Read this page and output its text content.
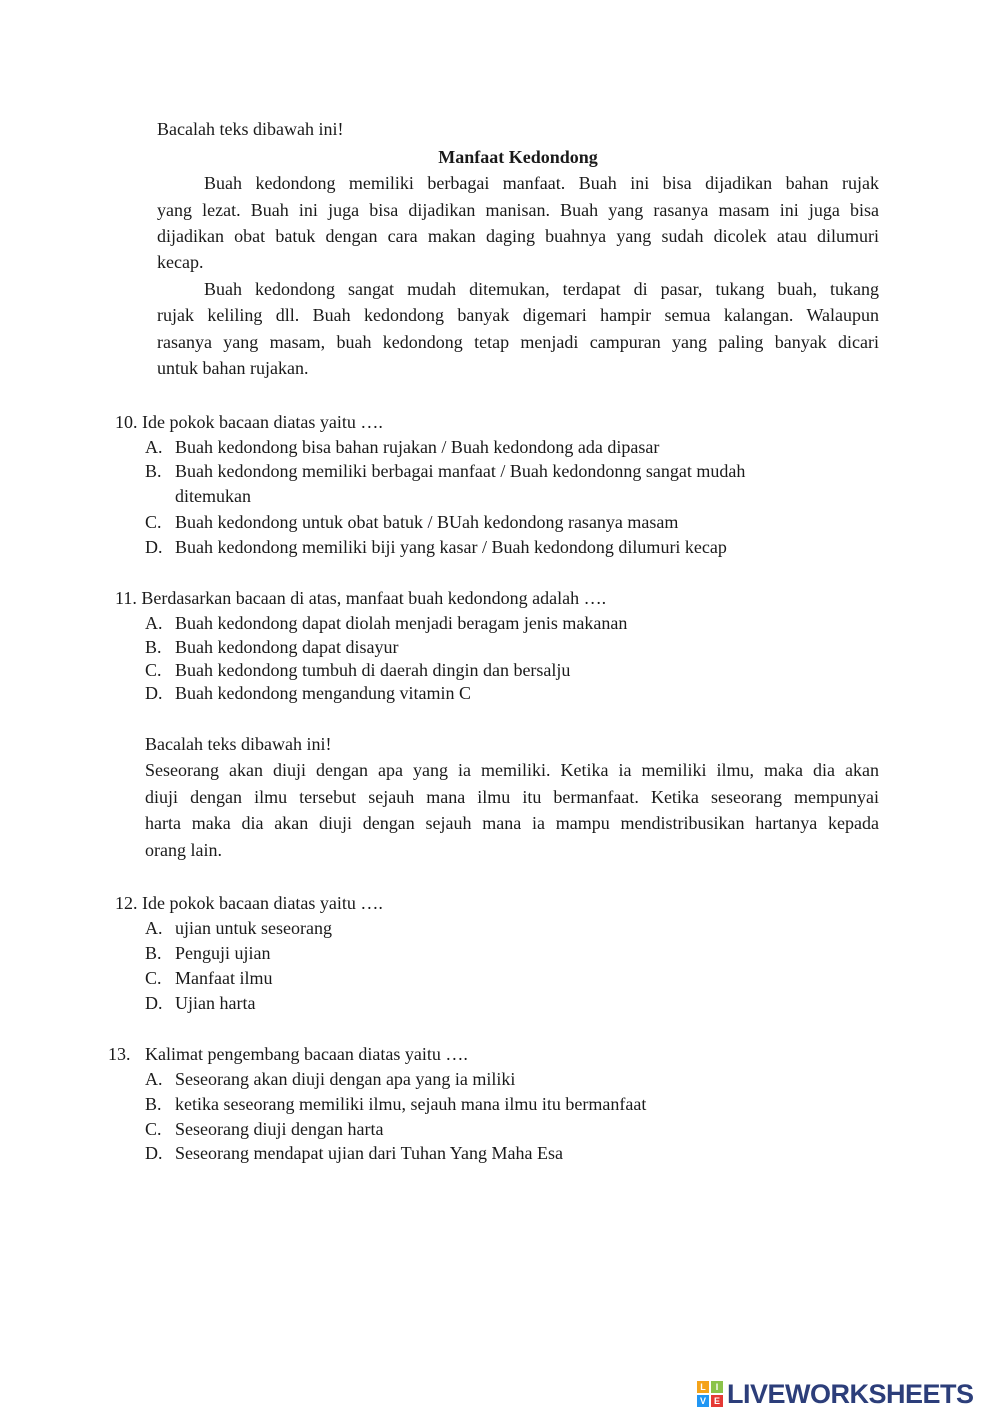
Bacalah teks dibawah ini!
Manfaat Kedondong
Buah kedondong memiliki berbagai manfaat. Buah ini bisa dijadikan bahan rujak
yang lezat. Buah ini juga bisa dijadikan manisan. Buah yang rasanya masam ini juga bisa
dijadikan obat batuk dengan cara makan daging buahnya yang sudah dicolek atau dilumuri
kecap.
Buah kedondong sangat mudah ditemukan, terdapat di pasar, tukang buah, tukang
rujak keliling dll. Buah kedondong banyak digemari hampir semua kalangan. Walaupun
rasanya yang masam, buah kedondong tetap menjadi campuran yang paling banyak dicari
untuk bahan rujakan.
10. Ide pokok bacaan diatas yaitu ….
A. Buah kedondong bisa bahan rujakan / Buah kedondong ada dipasar
B. Buah kedondong memiliki berbagai manfaat / Buah kedondonng sangat mudah
ditemukan
C. Buah kedondong untuk obat batuk / BUah kedondong rasanya masam
D. Buah kedondong memiliki biji yang kasar / Buah kedondong dilumuri kecap
11. Berdasarkan bacaan di atas, manfaat buah kedondong adalah ….
A. Buah kedondong dapat diolah menjadi beragam jenis makanan
B. Buah kedondong dapat disayur
C. Buah kedondong tumbuh di daerah dingin dan bersalju
D. Buah kedondong mengandung vitamin C
Bacalah teks dibawah ini!
Seseorang akan diuji dengan apa yang ia memiliki. Ketika ia memiliki ilmu, maka dia akan
diuji dengan ilmu tersebut sejauh mana ilmu itu bermanfaat. Ketika seseorang mempunyai
harta maka dia akan diuji dengan sejauh mana ia mampu mendistribusikan hartanya kepada
orang lain.
12. Ide pokok bacaan diatas yaitu ….
A. ujian untuk seseorang
B. Penguji ujian
C. Manfaat ilmu
D. Ujian harta
13. Kalimat pengembang bacaan diatas yaitu ….
A. Seseorang akan diuji dengan apa yang ia miliki
B. ketika seseorang memiliki ilmu, sejauh mana ilmu itu bermanfaat
C. Seseorang diuji dengan harta
D. Seseorang mendapat ujian dari Tuhan Yang Maha Esa
L	I
V E LIVEWORKSHEETS
